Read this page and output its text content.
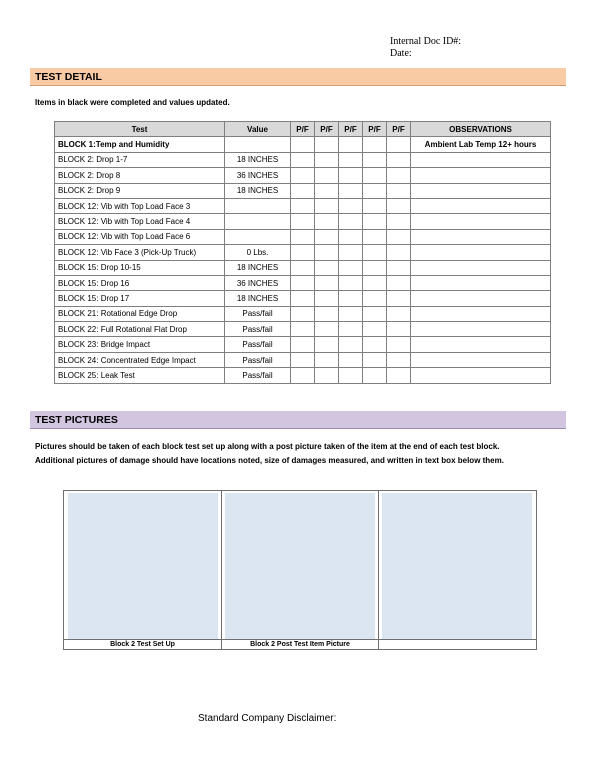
Internal Doc ID#:
Date:
TEST DETAIL
Items in black were completed and values updated.
Test	Value	P/F	P/F	P/F	P/F	P/F	OBSERVATIONS
BLOCK 1:Temp and Humidity							Ambient Lab Temp 12+ hours
BLOCK 2: Drop 1-7	18 INCHES						
BLOCK 2: Drop 8	36 INCHES						
BLOCK 2: Drop 9	18 INCHES						
BLOCK 12: Vib with Top Load Face 3							
BLOCK 12: Vib with Top Load Face 4							
BLOCK 12: Vib with Top Load Face 6							
BLOCK 12: Vib Face 3 (Pick-Up Truck)	0 Lbs.						
BLOCK 15: Drop 10-15	18 INCHES						
BLOCK 15: Drop 16	36 INCHES						
BLOCK 15: Drop 17	18 INCHES						
BLOCK 21: Rotational Edge Drop	Pass/fail						
BLOCK 22: Full Rotational Flat Drop	Pass/fail						
BLOCK 23: Bridge Impact	Pass/fail						
BLOCK 24: Concentrated Edge Impact	Pass/fail						
BLOCK 25: Leak Test	Pass/fail						
TEST PICTURES
Pictures should be taken of each block test set up along with a post picture taken of the item at the end of each test block.
Additional pictures of damage should have locations noted, size of damages measured, and written in text box below them.
Block 2 Test Set Up	Block 2 Post Test Item Picture
Standard Company Disclaimer:
